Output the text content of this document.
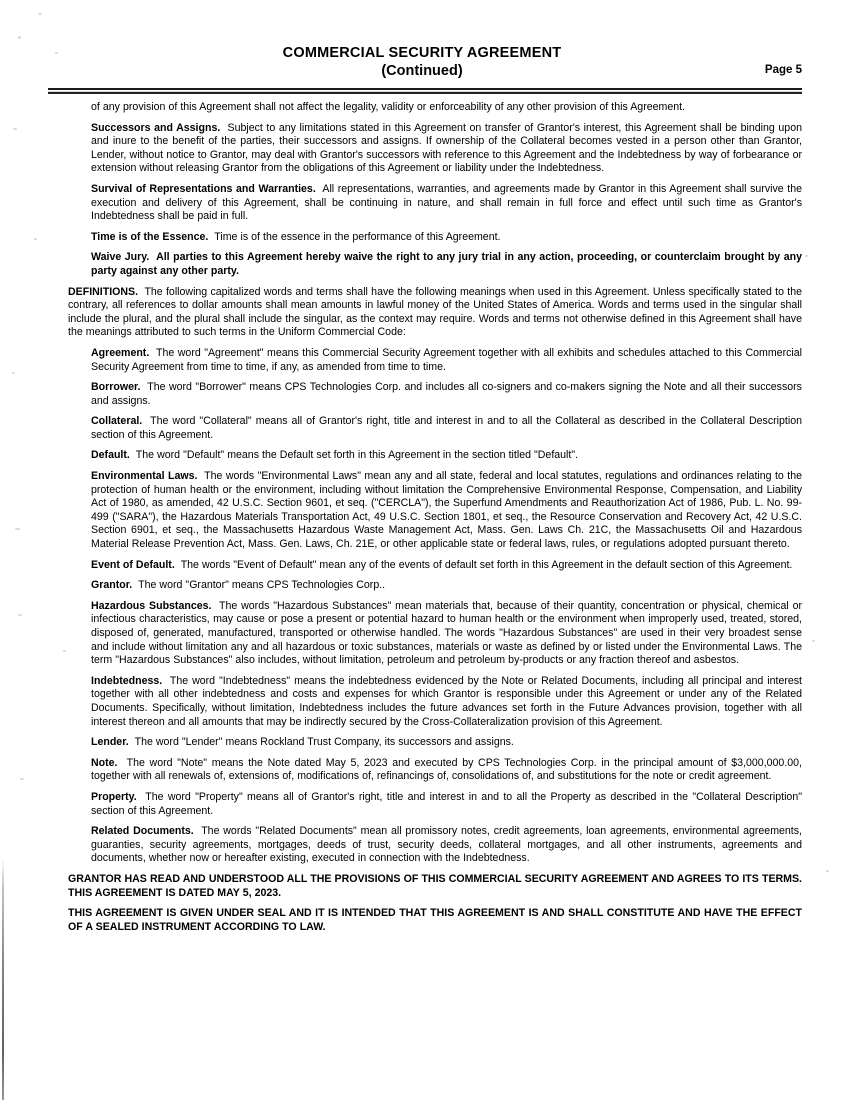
COMMERCIAL SECURITY AGREEMENT
(Continued)	Page 5

of any provision of this Agreement shall not affect the legality, validity or enforceability of any other provision of this Agreement.

Successors and Assigns. Subject to any limitations stated in this Agreement on transfer of Grantor's interest, this Agreement shall be binding upon and inure to the benefit of the parties, their successors and assigns. If ownership of the Collateral becomes vested in a person other than Grantor, Lender, without notice to Grantor, may deal with Grantor's successors with reference to this Agreement and the Indebtedness by way of forbearance or extension without releasing Grantor from the obligations of this Agreement or liability under the Indebtedness.

Survival of Representations and Warranties. All representations, warranties, and agreements made by Grantor in this Agreement shall survive the execution and delivery of this Agreement, shall be continuing in nature, and shall remain in full force and effect until such time as Grantor's Indebtedness shall be paid in full.

Time is of the Essence. Time is of the essence in the performance of this Agreement.

Waive Jury. All parties to this Agreement hereby waive the right to any jury trial in any action, proceeding, or counterclaim brought by any party against any other party.

DEFINITIONS. The following capitalized words and terms shall have the following meanings when used in this Agreement. Unless specifically stated to the contrary, all references to dollar amounts shall mean amounts in lawful money of the United States of America. Words and terms used in the singular shall include the plural, and the plural shall include the singular, as the context may require. Words and terms not otherwise defined in this Agreement shall have the meanings attributed to such terms in the Uniform Commercial Code:

Agreement. The word "Agreement" means this Commercial Security Agreement together with all exhibits and schedules attached to this Commercial Security Agreement from time to time, if any, as amended from time to time.

Borrower. The word "Borrower" means CPS Technologies Corp. and includes all co-signers and co-makers signing the Note and all their successors and assigns.

Collateral. The word "Collateral" means all of Grantor's right, title and interest in and to all the Collateral as described in the Collateral Description section of this Agreement.

Default. The word "Default" means the Default set forth in this Agreement in the section titled "Default".

Environmental Laws. The words "Environmental Laws" mean any and all state, federal and local statutes, regulations and ordinances relating to the protection of human health or the environment, including without limitation the Comprehensive Environmental Response, Compensation, and Liability Act of 1980, as amended, 42 U.S.C. Section 9601, et seq. ("CERCLA"), the Superfund Amendments and Reauthorization Act of 1986, Pub. L. No. 99-499 ("SARA"), the Hazardous Materials Transportation Act, 49 U.S.C. Section 1801, et seq., the Resource Conservation and Recovery Act, 42 U.S.C. Section 6901, et seq., the Massachusetts Hazardous Waste Management Act, Mass. Gen. Laws Ch. 21C, the Massachusetts Oil and Hazardous Material Release Prevention Act, Mass. Gen. Laws, Ch. 21E, or other applicable state or federal laws, rules, or regulations adopted pursuant thereto.

Event of Default. The words "Event of Default" mean any of the events of default set forth in this Agreement in the default section of this Agreement.

Grantor. The word "Grantor" means CPS Technologies Corp..

Hazardous Substances. The words "Hazardous Substances" mean materials that, because of their quantity, concentration or physical, chemical or infectious characteristics, may cause or pose a present or potential hazard to human health or the environment when improperly used, treated, stored, disposed of, generated, manufactured, transported or otherwise handled. The words "Hazardous Substances" are used in their very broadest sense and include without limitation any and all hazardous or toxic substances, materials or waste as defined by or listed under the Environmental Laws. The term "Hazardous Substances" also includes, without limitation, petroleum and petroleum by-products or any fraction thereof and asbestos.

Indebtedness. The word "Indebtedness" means the indebtedness evidenced by the Note or Related Documents, including all principal and interest together with all other indebtedness and costs and expenses for which Grantor is responsible under this Agreement or under any of the Related Documents. Specifically, without limitation, Indebtedness includes the future advances set forth in the Future Advances provision, together with all interest thereon and all amounts that may be indirectly secured by the Cross-Collateralization provision of this Agreement.

Lender. The word "Lender" means Rockland Trust Company, its successors and assigns.

Note. The word "Note" means the Note dated May 5, 2023 and executed by CPS Technologies Corp. in the principal amount of $3,000,000.00, together with all renewals of, extensions of, modifications of, refinancings of, consolidations of, and substitutions for the note or credit agreement.

Property. The word "Property" means all of Grantor's right, title and interest in and to all the Property as described in the "Collateral Description" section of this Agreement.

Related Documents. The words "Related Documents" mean all promissory notes, credit agreements, loan agreements, environmental agreements, guaranties, security agreements, mortgages, deeds of trust, security deeds, collateral mortgages, and all other instruments, agreements and documents, whether now or hereafter existing, executed in connection with the Indebtedness.

GRANTOR HAS READ AND UNDERSTOOD ALL THE PROVISIONS OF THIS COMMERCIAL SECURITY AGREEMENT AND AGREES TO ITS TERMS. THIS AGREEMENT IS DATED MAY 5, 2023.

THIS AGREEMENT IS GIVEN UNDER SEAL AND IT IS INTENDED THAT THIS AGREEMENT IS AND SHALL CONSTITUTE AND HAVE THE EFFECT OF A SEALED INSTRUMENT ACCORDING TO LAW.
